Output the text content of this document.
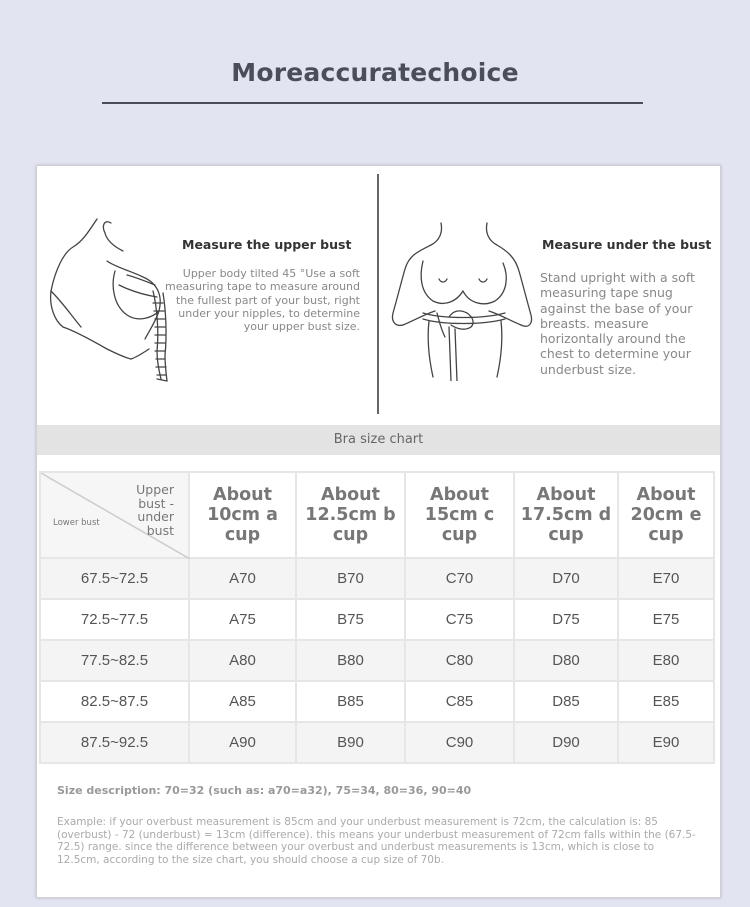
Moreaccuratechoice
Measure the upper bust
Upper body tilted 45 °Use a soft measuring tape to measure around the fullest part of your bust, right under your nipples, to determine your upper bust size.
Measure under the bust
Stand upright with a soft measuring tape snug against the base of your breasts. measure horizontally around the chest to determine your underbust size.
Bra size chart
Upper bust - under bust
Lower bust	About 10cm a cup	About 12.5cm b cup	About 15cm c cup	About 17.5cm d cup	About 20cm e cup
67.5~72.5	A70	B70	C70	D70	E70
72.5~77.5	A75	B75	C75	D75	E75
77.5~82.5	A80	B80	C80	D80	E80
82.5~87.5	A85	B85	C85	D85	E85
87.5~92.5	A90	B90	C90	D90	E90
Size description: 70=32 (such as: a70=a32), 75=34, 80=36, 90=40
Example: if your overbust measurement is 85cm and your underbust measurement is 72cm, the calculation is: 85 (overbust) - 72 (underbust) = 13cm (difference). this means your underbust measurement of 72cm falls within the (67.5-72.5) range. since the difference between your overbust and underbust measurements is 13cm, which is close to 12.5cm, according to the size chart, you should choose a cup size of 70b.
